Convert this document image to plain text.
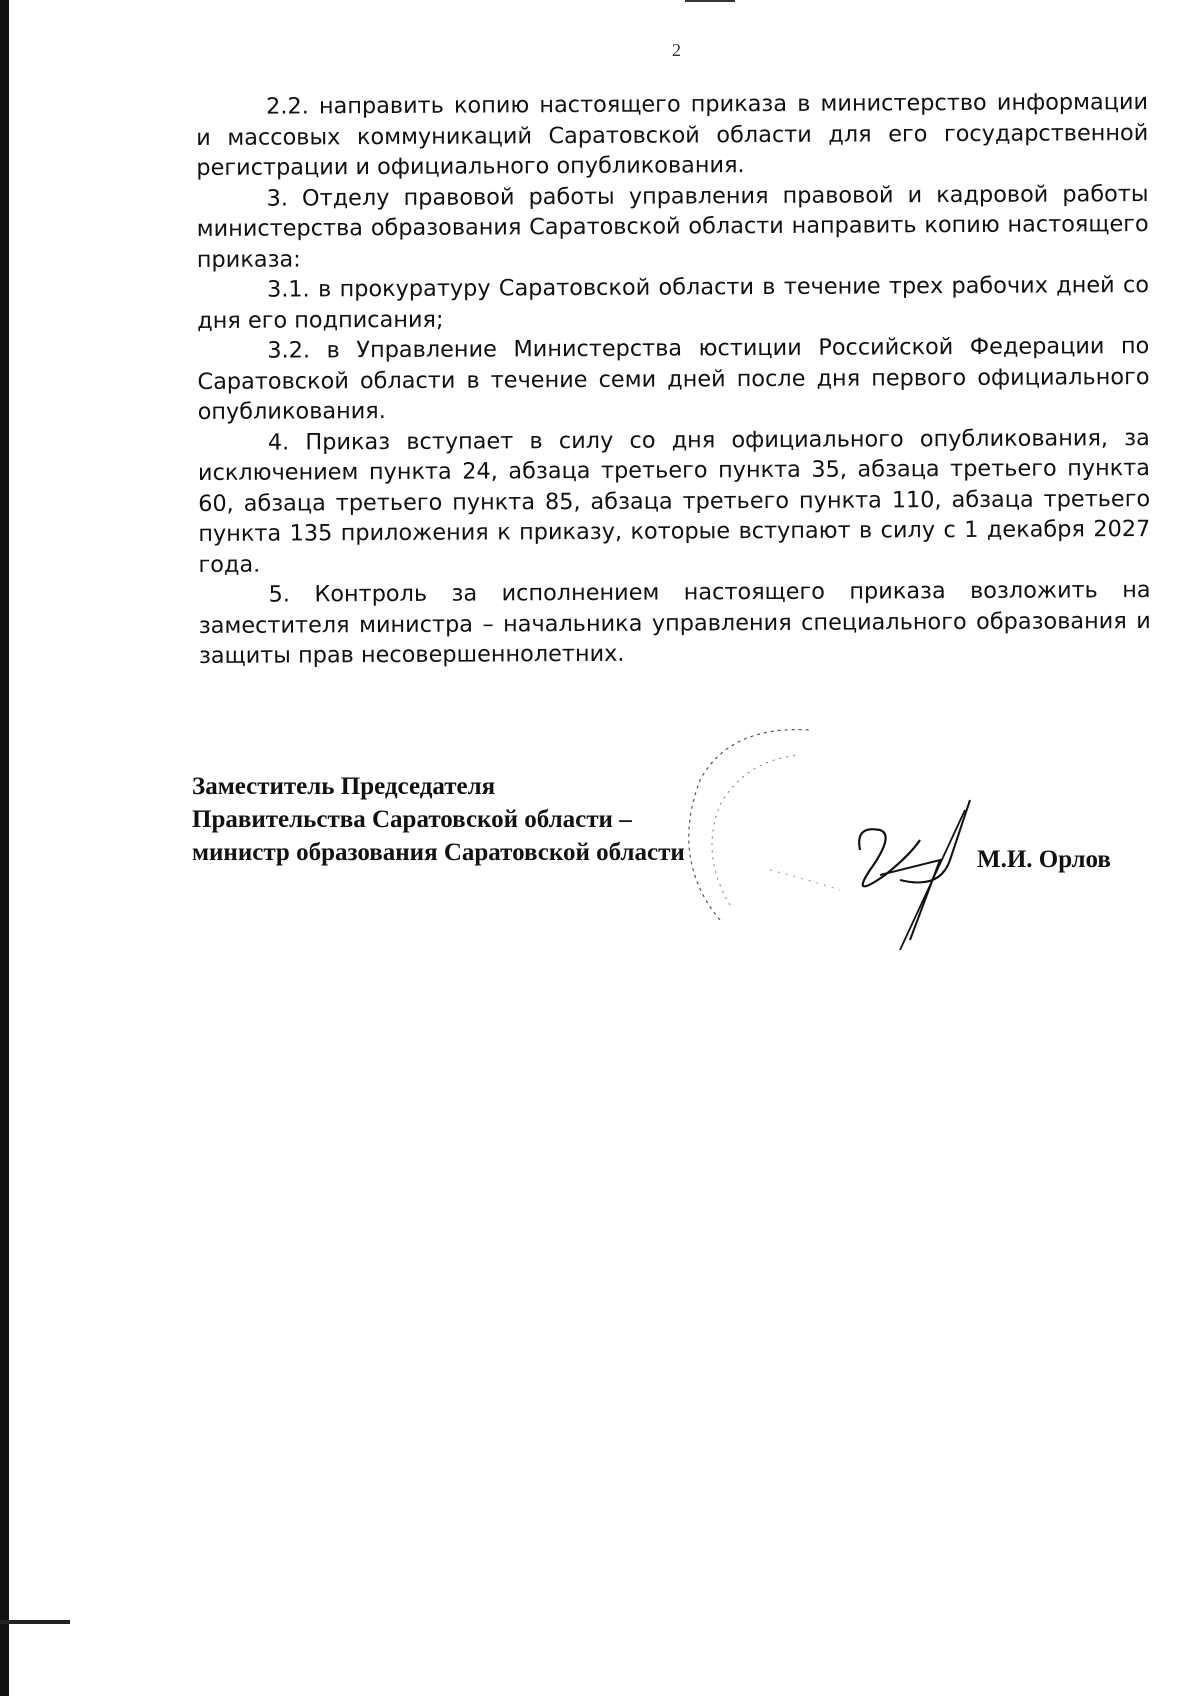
2

2.2. направить копию настоящего приказа в министерство информации и массовых коммуникаций Саратовской области для его государственной регистрации и официального опубликования.

3. Отделу правовой работы управления правовой и кадровой работы министерства образования Саратовской области направить копию настоящего приказа:

3.1. в прокуратуру Саратовской области в течение трех рабочих дней со дня его подписания;

3.2. в Управление Министерства юстиции Российской Федерации по Саратовской области в течение семи дней после дня первого официального опубликования.

4. Приказ вступает в силу со дня официального опубликования, за исключением пункта 24, абзаца третьего пункта 35, абзаца третьего пункта 60, абзаца третьего пункта 85, абзаца третьего пункта 110, абзаца третьего пункта 135 приложения к приказу, которые вступают в силу с 1 декабря 2027 года.

5. Контроль за исполнением настоящего приказа возложить на заместителя министра – начальника управления специального образования и защиты прав несовершеннолетних.

Заместитель Председателя
Правительства Саратовской области –
министр образования Саратовской области	М.И. Орлов
